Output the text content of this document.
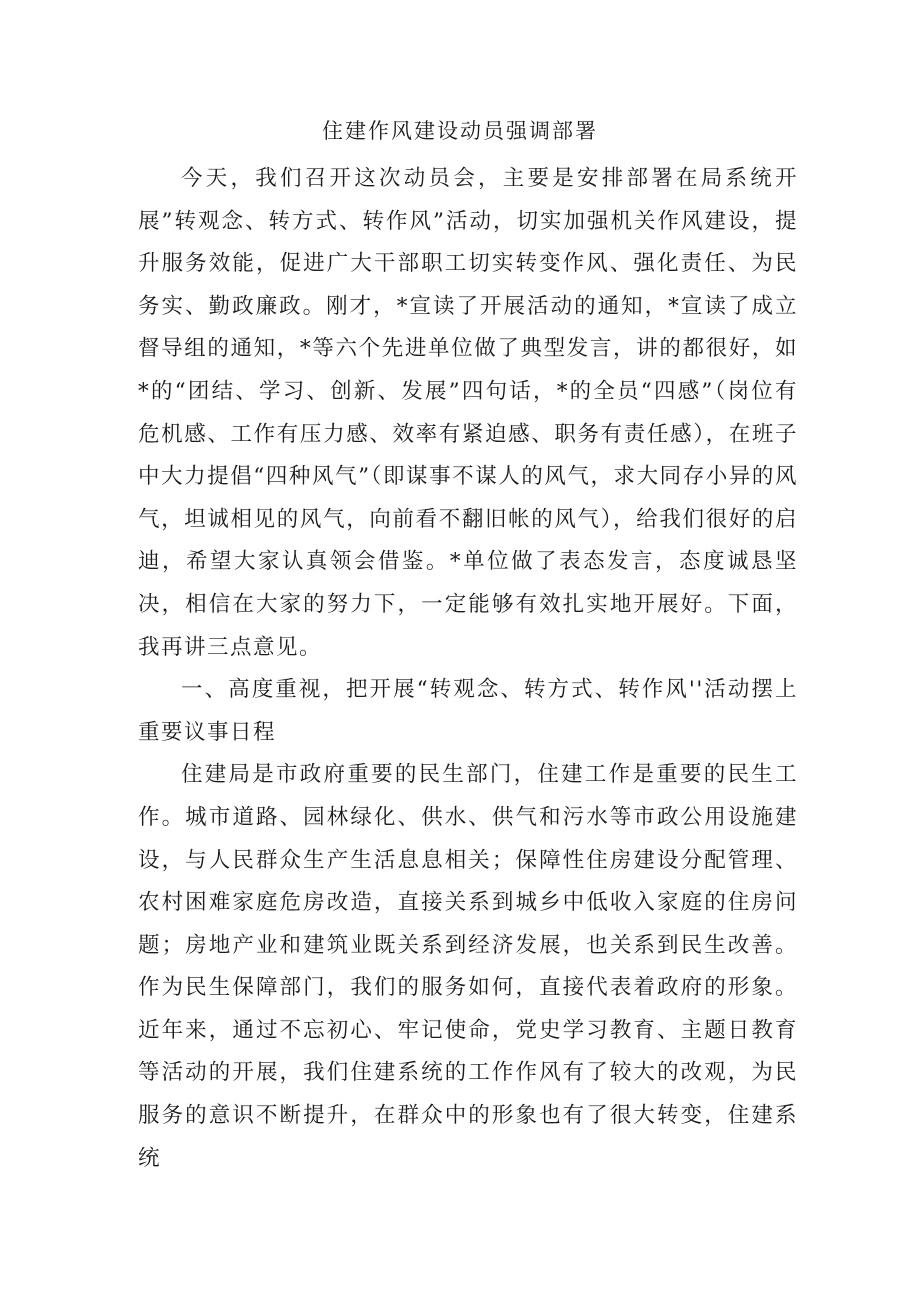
住建作风建设动员强调部署

今天，我们召开这次动员会，主要是安排部署在局系统开展”转观念、转方式、转作风”活动，切实加强机关作风建设，提升服务效能，促进广大干部职工切实转变作风、强化责任、为民务实、勤政廉政。刚才，*宣读了开展活动的通知，*宣读了成立督导组的通知，*等六个先进单位做了典型发言，讲的都很好，如*的“团结、学习、创新、发展”四句话，*的全员“四感”（岗位有危机感、工作有压力感、效率有紧迫感、职务有责任感），在班子中大力提倡“四种风气”（即谋事不谋人的风气，求大同存小异的风气，坦诚相见的风气，向前看不翻旧帐的风气），给我们很好的启迪，希望大家认真领会借鉴。*单位做了表态发言，态度诚恳坚决，相信在大家的努力下，一定能够有效扎实地开展好。下面，我再讲三点意见。

一、高度重视，把开展“转观念、转方式、转作风''活动摆上重要议事日程

住建局是市政府重要的民生部门，住建工作是重要的民生工作。城市道路、园林绿化、供水、供气和污水等市政公用设施建设，与人民群众生产生活息息相关；保障性住房建设分配管理、农村困难家庭危房改造，直接关系到城乡中低收入家庭的住房问题；房地产业和建筑业既关系到经济发展，也关系到民生改善。作为民生保障部门，我们的服务如何，直接代表着政府的形象。近年来，通过不忘初心、牢记使命，党史学习教育、主题日教育等活动的开展，我们住建系统的工作作风有了较大的改观，为民服务的意识不断提升，在群众中的形象也有了很大转变，住建系统
